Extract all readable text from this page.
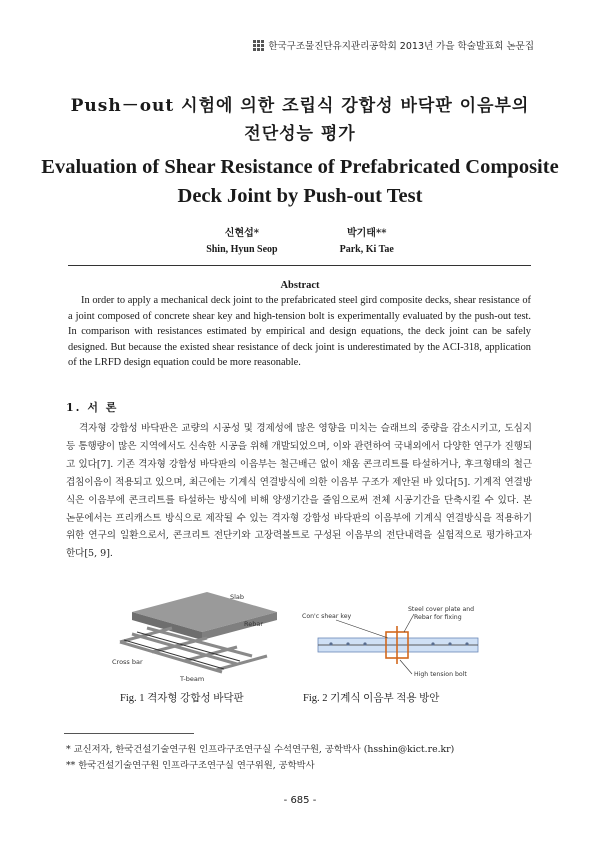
한국구조물진단유지관리공학회 2013년 가을 학술발표회 논문집
Push－out 시험에 의한 조립식 강합성 바닥판 이음부의
전단성능 평가
Evaluation of Shear Resistance of Prefabricated Composite
Deck Joint by Push-out Test
신현섭*
Shin, Hyun Seop
박기태**
Park, Ki Tae
Abstract
In order to apply a mechanical deck joint to the prefabricated steel gird composite decks, shear resistance of a joint composed of concrete shear key and high-tension bolt is experimentally evaluated by the push-out test. In comparison with resistances estimated by empirical and design equations, the deck joint can be safely designed. But because the existed shear resistance of deck joint is underestimated by the ACI-318, application of the LRFD design equation could be more reasonable.
1. 서 론
격자형 강합성 바닥판은 교량의 시공성 및 경제성에 많은 영향을 미치는 슬래브의 중량을 감소시키고, 도심지 등 통행량이 많은 지역에서도 신속한 시공을 위해 개발되었으며, 이와 관련하여 국내외에서 다양한 연구가 진행되고 있다[7]. 기존 격자형 강합성 바닥판의 이음부는 철근배근 없이 채움 콘크리트를 타설하거나, 후크형태의 철근 겹침이음이 적용되고 있으며, 최근에는 기계식 연결방식에 의한 이음부 구조가 제안된 바 있다[5]. 기계적 연결방식은 이음부에 콘크리트를 타설하는 방식에 비해 양생기간을 줄임으로써 전체 시공기간을 단축시킬 수 있다. 본 논문에서는 프리캐스트 방식으로 제작될 수 있는 격자형 강합성 바닥판의 이음부에 기계식 연결방식을 적용하기 위한 연구의 일환으로서, 콘크리트 전단키와 고장력볼트로 구성된 이음부의 전단내력을 실험적으로 평가하고자 한다[5, 9].
Slab
Rebar
Cross bar
T-beam
Con'c shear key
Steel cover plate and
Rebar for fixing
High tension bolt
Fig. 1 격자형 강합성 바닥판	Fig. 2 기계식 이음부 적용 방안
* 교신저자, 한국건설기술연구원 인프라구조연구실 수석연구원, 공학박사 (hsshin@kict.re.kr)
** 한국건설기술연구원 인프라구조연구실 연구위원, 공학박사
- 685 -
